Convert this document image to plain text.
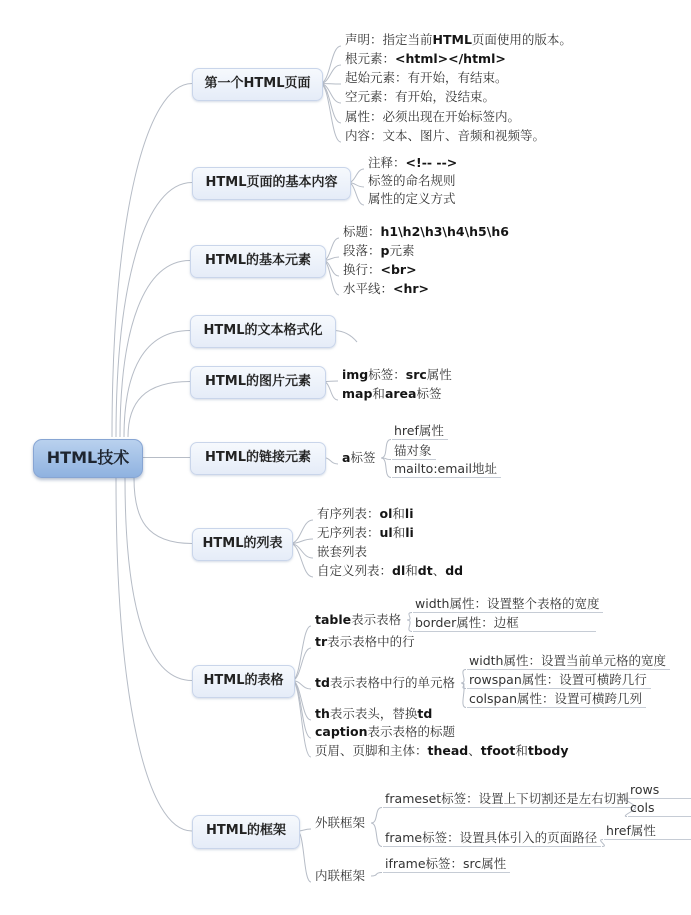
HTML技术
第一个HTML页面
声明：指定当前HTML页面使用的版本。
根元素：<html></html>
起始元素：有开始，有结束。
空元素：有开始，没结束。
属性：必须出现在开始标签内。
内容：文本、图片、音频和视频等。
HTML页面的基本内容
注释：<!-- -->
标签的命名规则
属性的定义方式
HTML的基本元素
标题：h1\h2\h3\h4\h5\h6
段落：p元素
换行：<br>
水平线：<hr>
HTML的文本格式化
HTML的图片元素	img标签：src属性
map和area标签
HTML的链接元素	a标签
href属性
锚对象
mailto:email地址
HTML的列表
有序列表：ol和li
无序列表：ul和li
嵌套列表
自定义列表：dl和dt、dd
HTML的表格
table表示表格
width属性：设置整个表格的宽度
border属性：边框
tr表示表格中的行
td表示表格中行的单元格
width属性：设置当前单元格的宽度
rowspan属性：设置可横跨几行
colspan属性：设置可横跨几列
th表示表头，替换td
caption表示表格的标题
页眉、页脚和主体：thead、tfoot和tbody
HTML的框架
外联框架
frameset标签：设置上下切割还是左右切割
rows
cols
frame标签：设置具体引入的页面路径 href属性
内联框架
iframe标签：src属性
